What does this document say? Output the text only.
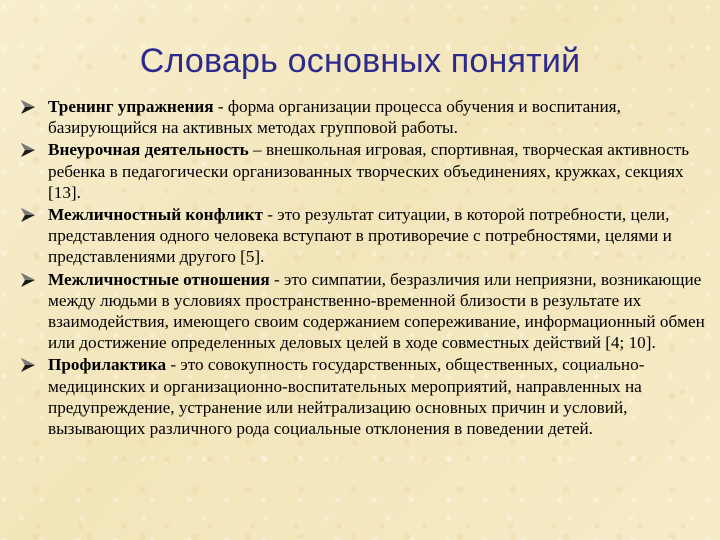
Словарь основных понятий
Тренинг упражнения - форма организации процесса обучения и воспитания, базирующийся на активных методах групповой работы.
Внеурочная деятельность – внешкольная игровая, спортивная, творческая активность ребенка в педагогически организованных творческих объединениях, кружках, секциях [13].
Межличностный конфликт - это результат ситуации, в которой потребности, цели, представления одного человека вступают в противоречие с потребностями, целями и представлениями другого [5].
Межличностные отношения - это симпатии, безразличия или неприязни, возникающие между людьми в условиях пространственно-временной близости в результате их взаимодействия, имеющего своим содержанием сопереживание, информационный обмен или достижение определенных деловых целей в ходе совместных действий [4; 10].
Профилактика - это совокупность государственных, общественных, социально-медицинских и организационно-воспитательных мероприятий, направленных на предупреждение, устранение или нейтрализацию основных причин и условий, вызывающих различного рода социальные отклонения в поведении детей.
